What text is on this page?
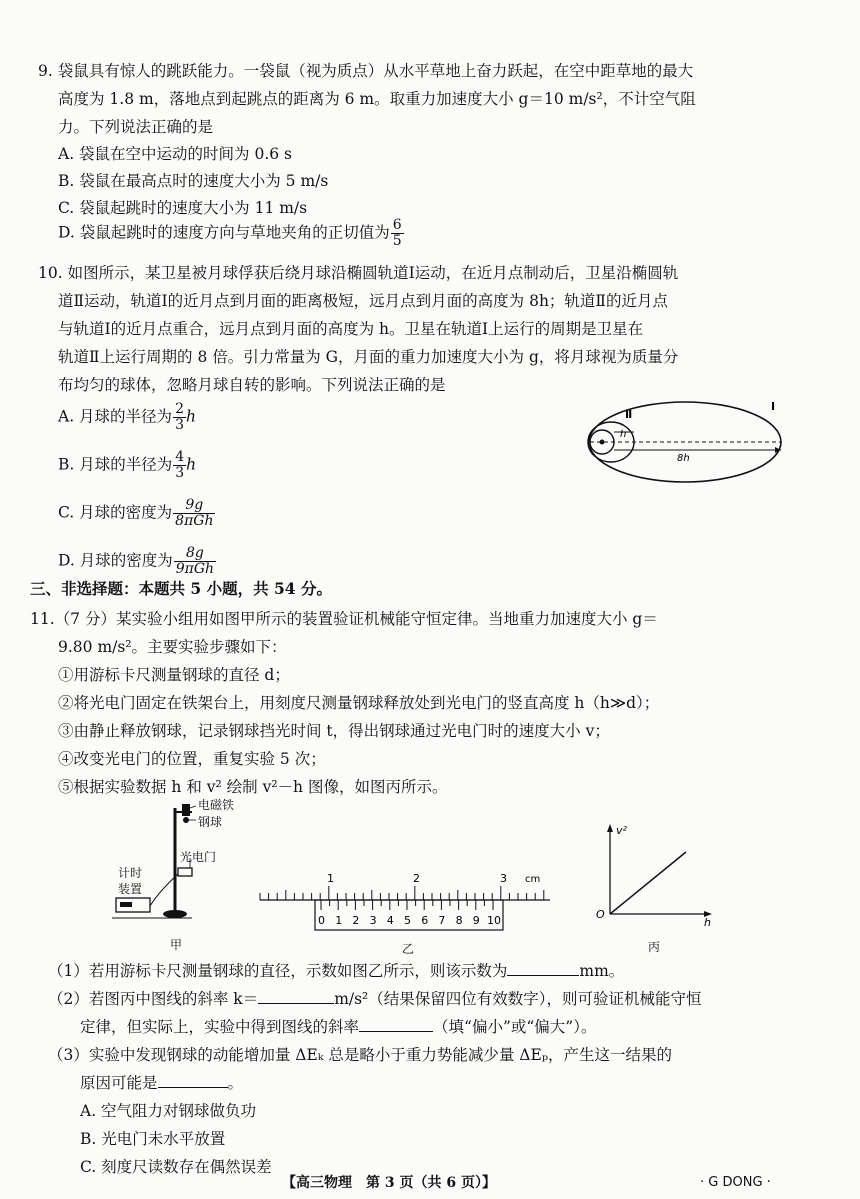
9. 袋鼠具有惊人的跳跃能力。一袋鼠（视为质点）从水平草地上奋力跃起，在空中距草地的最大
高度为 1.8 m，落地点到起跳点的距离为 6 m。取重力加速度大小 g＝10 m/s²，不计空气阻
力。下列说法正确的是
A. 袋鼠在空中运动的时间为 0.6 s
B. 袋鼠在最高点时的速度大小为 5 m/s
C. 袋鼠起跳时的速度大小为 11 m/s
D. 袋鼠起跳时的速度方向与草地夹角的正切值为 $\frac{6}{5}$
10. 如图所示，某卫星被月球俘获后绕月球沿椭圆轨道Ⅰ运动，在近月点制动后，卫星沿椭圆轨
道Ⅱ运动，轨道Ⅰ的近月点到月面的距离极短，远月点到月面的高度为 8h；轨道Ⅱ的近月点
与轨道Ⅰ的近月点重合，远月点到月面的高度为 h。卫星在轨道Ⅰ上运行的周期是卫星在
轨道Ⅱ上运行周期的 8 倍。引力常量为 G，月面的重力加速度大小为 g，将月球视为质量分
布均匀的球体，忽略月球自转的影响。下列说法正确的是
A. 月球的半径为 $\frac{2}{3}$ h
B. 月球的半径为 $\frac{4}{3}$ h
C. 月球的密度为 $\frac{9g}{\text{8πGh}}$
D. 月球的密度为 $\frac{8g}{\text{9πGh}}$
Ⅱ
Ⅰ
h
8h
三、非选择题：本题共 5 小题，共 54 分。
11.（7 分）某实验小组用如图甲所示的装置验证机械能守恒定律。当地重力加速度大小 g＝
9.80 m/s²。主要实验步骤如下：
①用游标卡尺测量钢球的直径 d；
②将光电门固定在铁架台上，用刻度尺测量钢球释放处到光电门的竖直高度 h（h≫d）；
③由静止释放钢球，记录钢球挡光时间 t，得出钢球通过光电门时的速度大小 v；
④改变光电门的位置，重复实验 5 次；
⑤根据实验数据 h 和 v² 绘制 v²－h 图像，如图丙所示。
电磁铁
钢球
光电门
计时
装置
甲
1	2	3 cm
0 1 2 3 4 5 6 7 8 9 10
乙
v²
h
O
丙
（1）若用游标卡尺测量钢球的直径，示数如图乙所示，则该示数为	mm。
（2）若图丙中图线的斜率 k＝	m/s²（结果保留四位有效数字），则可验证机械能守恒
定律，但实际上，实验中得到图线的斜率	（填“偏小”或“偏大”）。
（3）实验中发现钢球的动能增加量 ΔEₖ 总是略小于重力势能减少量 ΔEₚ，产生这一结果的
原因可能是	。
A. 空气阻力对钢球做负功
B. 光电门未水平放置
C. 刻度尺读数存在偶然误差
【高三物理　第 3 页（共 6 页）】	· G DONG ·
